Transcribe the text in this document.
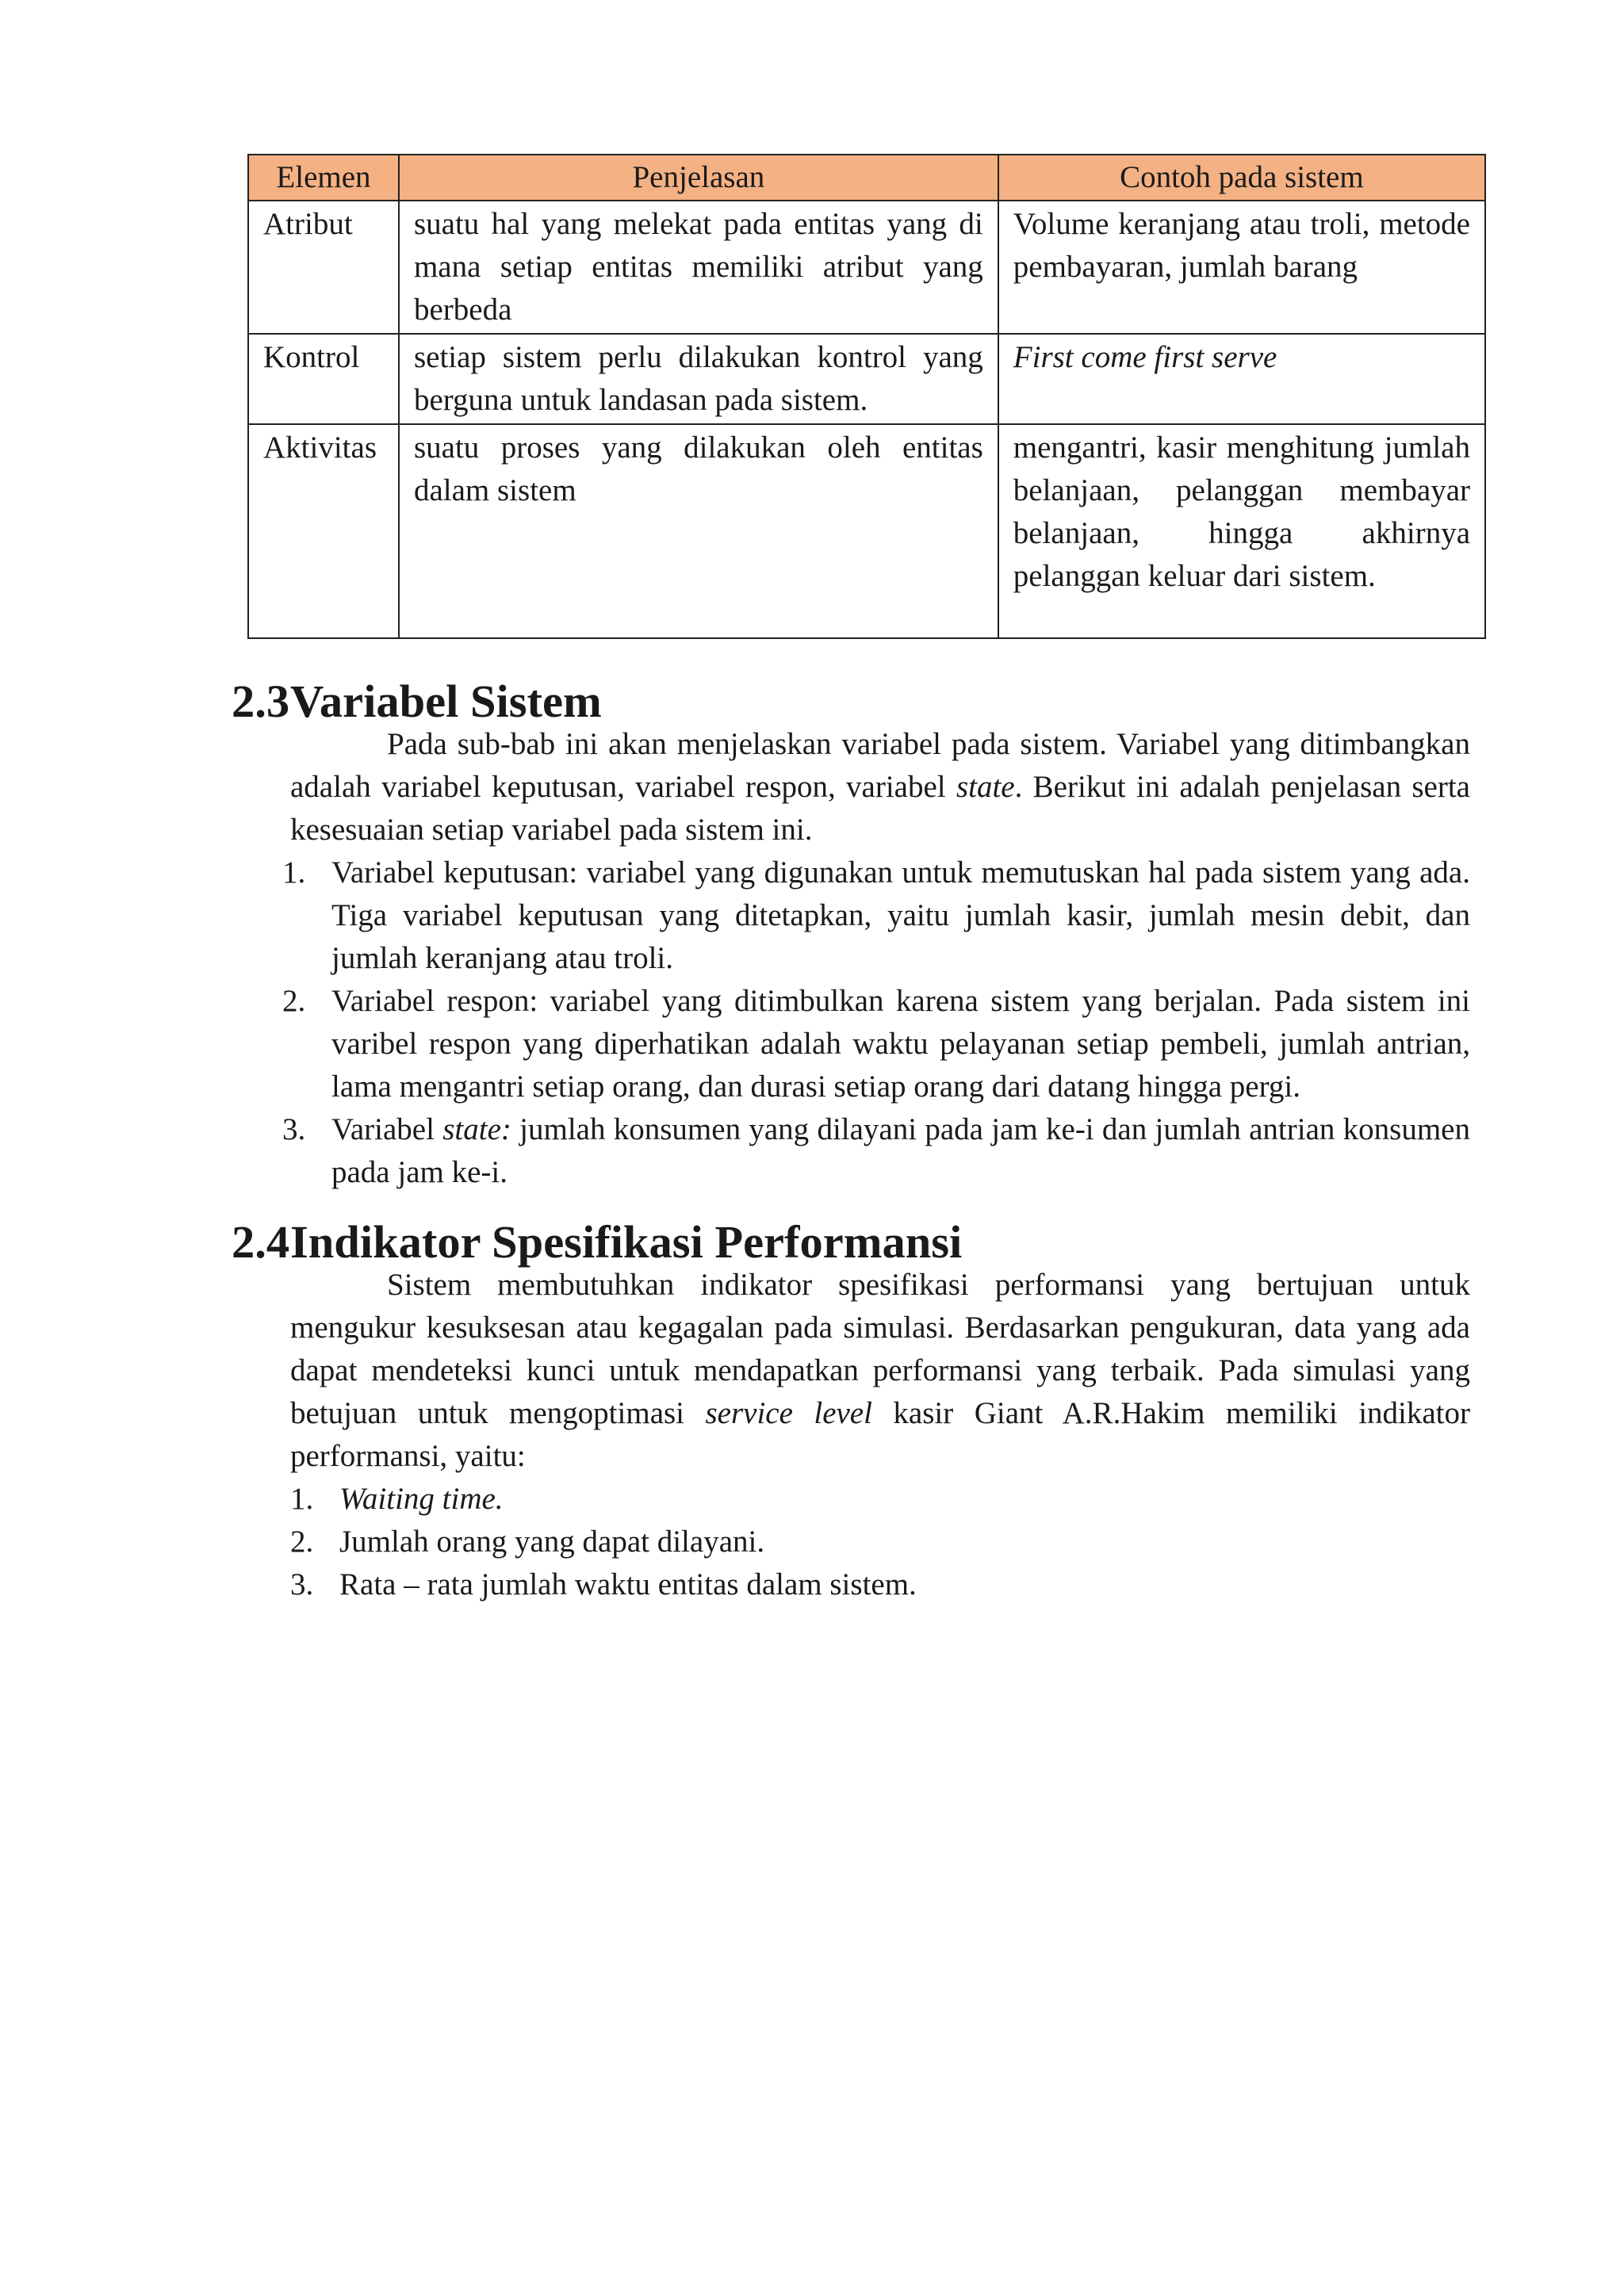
Elemen	Penjelasan	Contoh pada sistem
Atribut	suatu hal yang melekat pada entitas yang di mana setiap entitas memiliki atribut yang berbeda	Volume keranjang atau troli, metode pembayaran, jumlah barang
Kontrol	setiap sistem perlu dilakukan kontrol yang berguna untuk landasan pada sistem.	First come first serve
Aktivitas	suatu proses yang dilakukan oleh entitas dalam sistem	mengantri, kasir menghitung jumlah belanjaan, pelanggan membayar belanjaan, hingga akhirnya pelanggan keluar dari sistem.
2.3Variabel Sistem

Pada sub-bab ini akan menjelaskan variabel pada sistem. Variabel yang ditimbangkan adalah variabel keputusan, variabel respon, variabel state. Berikut ini adalah penjelasan serta kesesuaian setiap variabel pada sistem ini.

1. Variabel keputusan: variabel yang digunakan untuk memutuskan hal pada sistem yang ada. Tiga variabel keputusan yang ditetapkan, yaitu jumlah kasir, jumlah mesin debit, dan jumlah keranjang atau troli.
2. Variabel respon: variabel yang ditimbulkan karena sistem yang berjalan. Pada sistem ini varibel respon yang diperhatikan adalah waktu pelayanan setiap pembeli, jumlah antrian, lama mengantri setiap orang, dan durasi setiap orang dari datang hingga pergi.
3. Variabel state: jumlah konsumen yang dilayani pada jam ke-i dan jumlah antrian konsumen pada jam ke-i.
2.4Indikator Spesifikasi Performansi

Sistem membutuhkan indikator spesifikasi performansi yang bertujuan untuk mengukur kesuksesan atau kegagalan pada simulasi. Berdasarkan pengukuran, data yang ada dapat mendeteksi kunci untuk mendapatkan performansi yang terbaik. Pada simulasi yang betujuan untuk mengoptimasi service level kasir Giant A.R.Hakim memiliki indikator performansi, yaitu:

1. Waiting time.
2. Jumlah orang yang dapat dilayani.
3. Rata – rata jumlah waktu entitas dalam sistem.
